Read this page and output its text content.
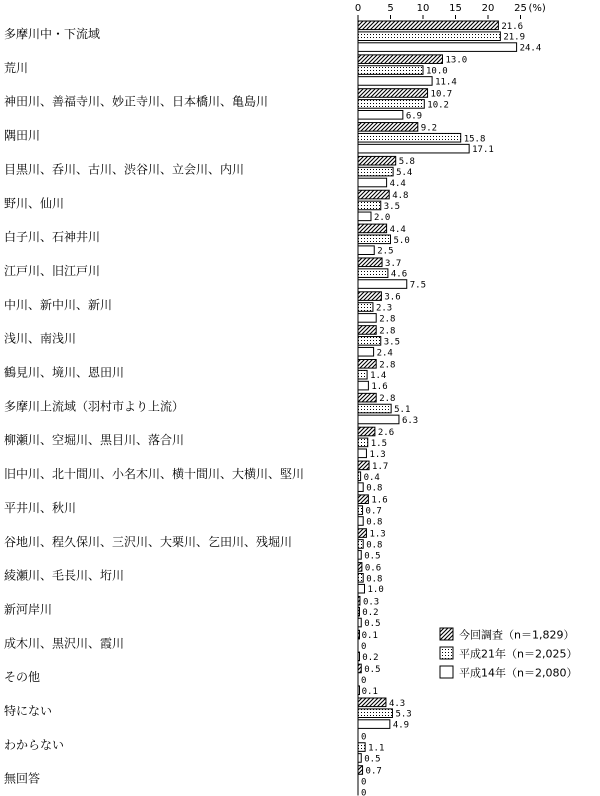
0	5 10 15 20 25 (%)
多摩川中・下流域
荒川
神田川、善福寺川、妙正寺川、日本橋川、亀島川
隅田川
目黒川、呑川、古川、渋谷川、立会川、内川
野川、仙川
白子川、石神井川
江戸川、旧江戸川
中川、新中川、新川
浅川、南浅川
鶴見川、境川、恩田川
多摩川上流域（羽村市より上流）
柳瀬川、空堀川、黒目川、落合川
旧中川、北十間川、小名木川、横十間川、大横川、堅川
平井川、秋川
谷地川、程久保川、三沢川、大栗川、乞田川、残堀川
綾瀬川、毛長川、垳川
新河岸川
成木川、黒沢川、霞川
その他
特にない
わからない
無回答
21.6
21.9
24.4
13.0
10.0
11.4
10.7
10.2
6.9
9.2
15.8
17.1
5.8
5.4
4.4
4.8
3.5
2.0
4.4
5.0
2.5
3.7
4.6
7.5
3.6
2.3
2.8
2.8
3.5
2.4
2.8
1.4
1.6
2.8
5.1
6.3
2.6
1.5
1.3
1.7
0.4
0.8
1.6
0.7
0.8
1.3
0.8
0.5
0.6
0.8
1.0
0.3
0.2
0.5
0.1
0
0.2
0.5
0
0.1
4.3
5.3
4.9
0
1.1
0.5
0.7
0
0
今回調査（n＝1,829）
平成21年（n＝2,025）
平成14年（n＝2,080）
